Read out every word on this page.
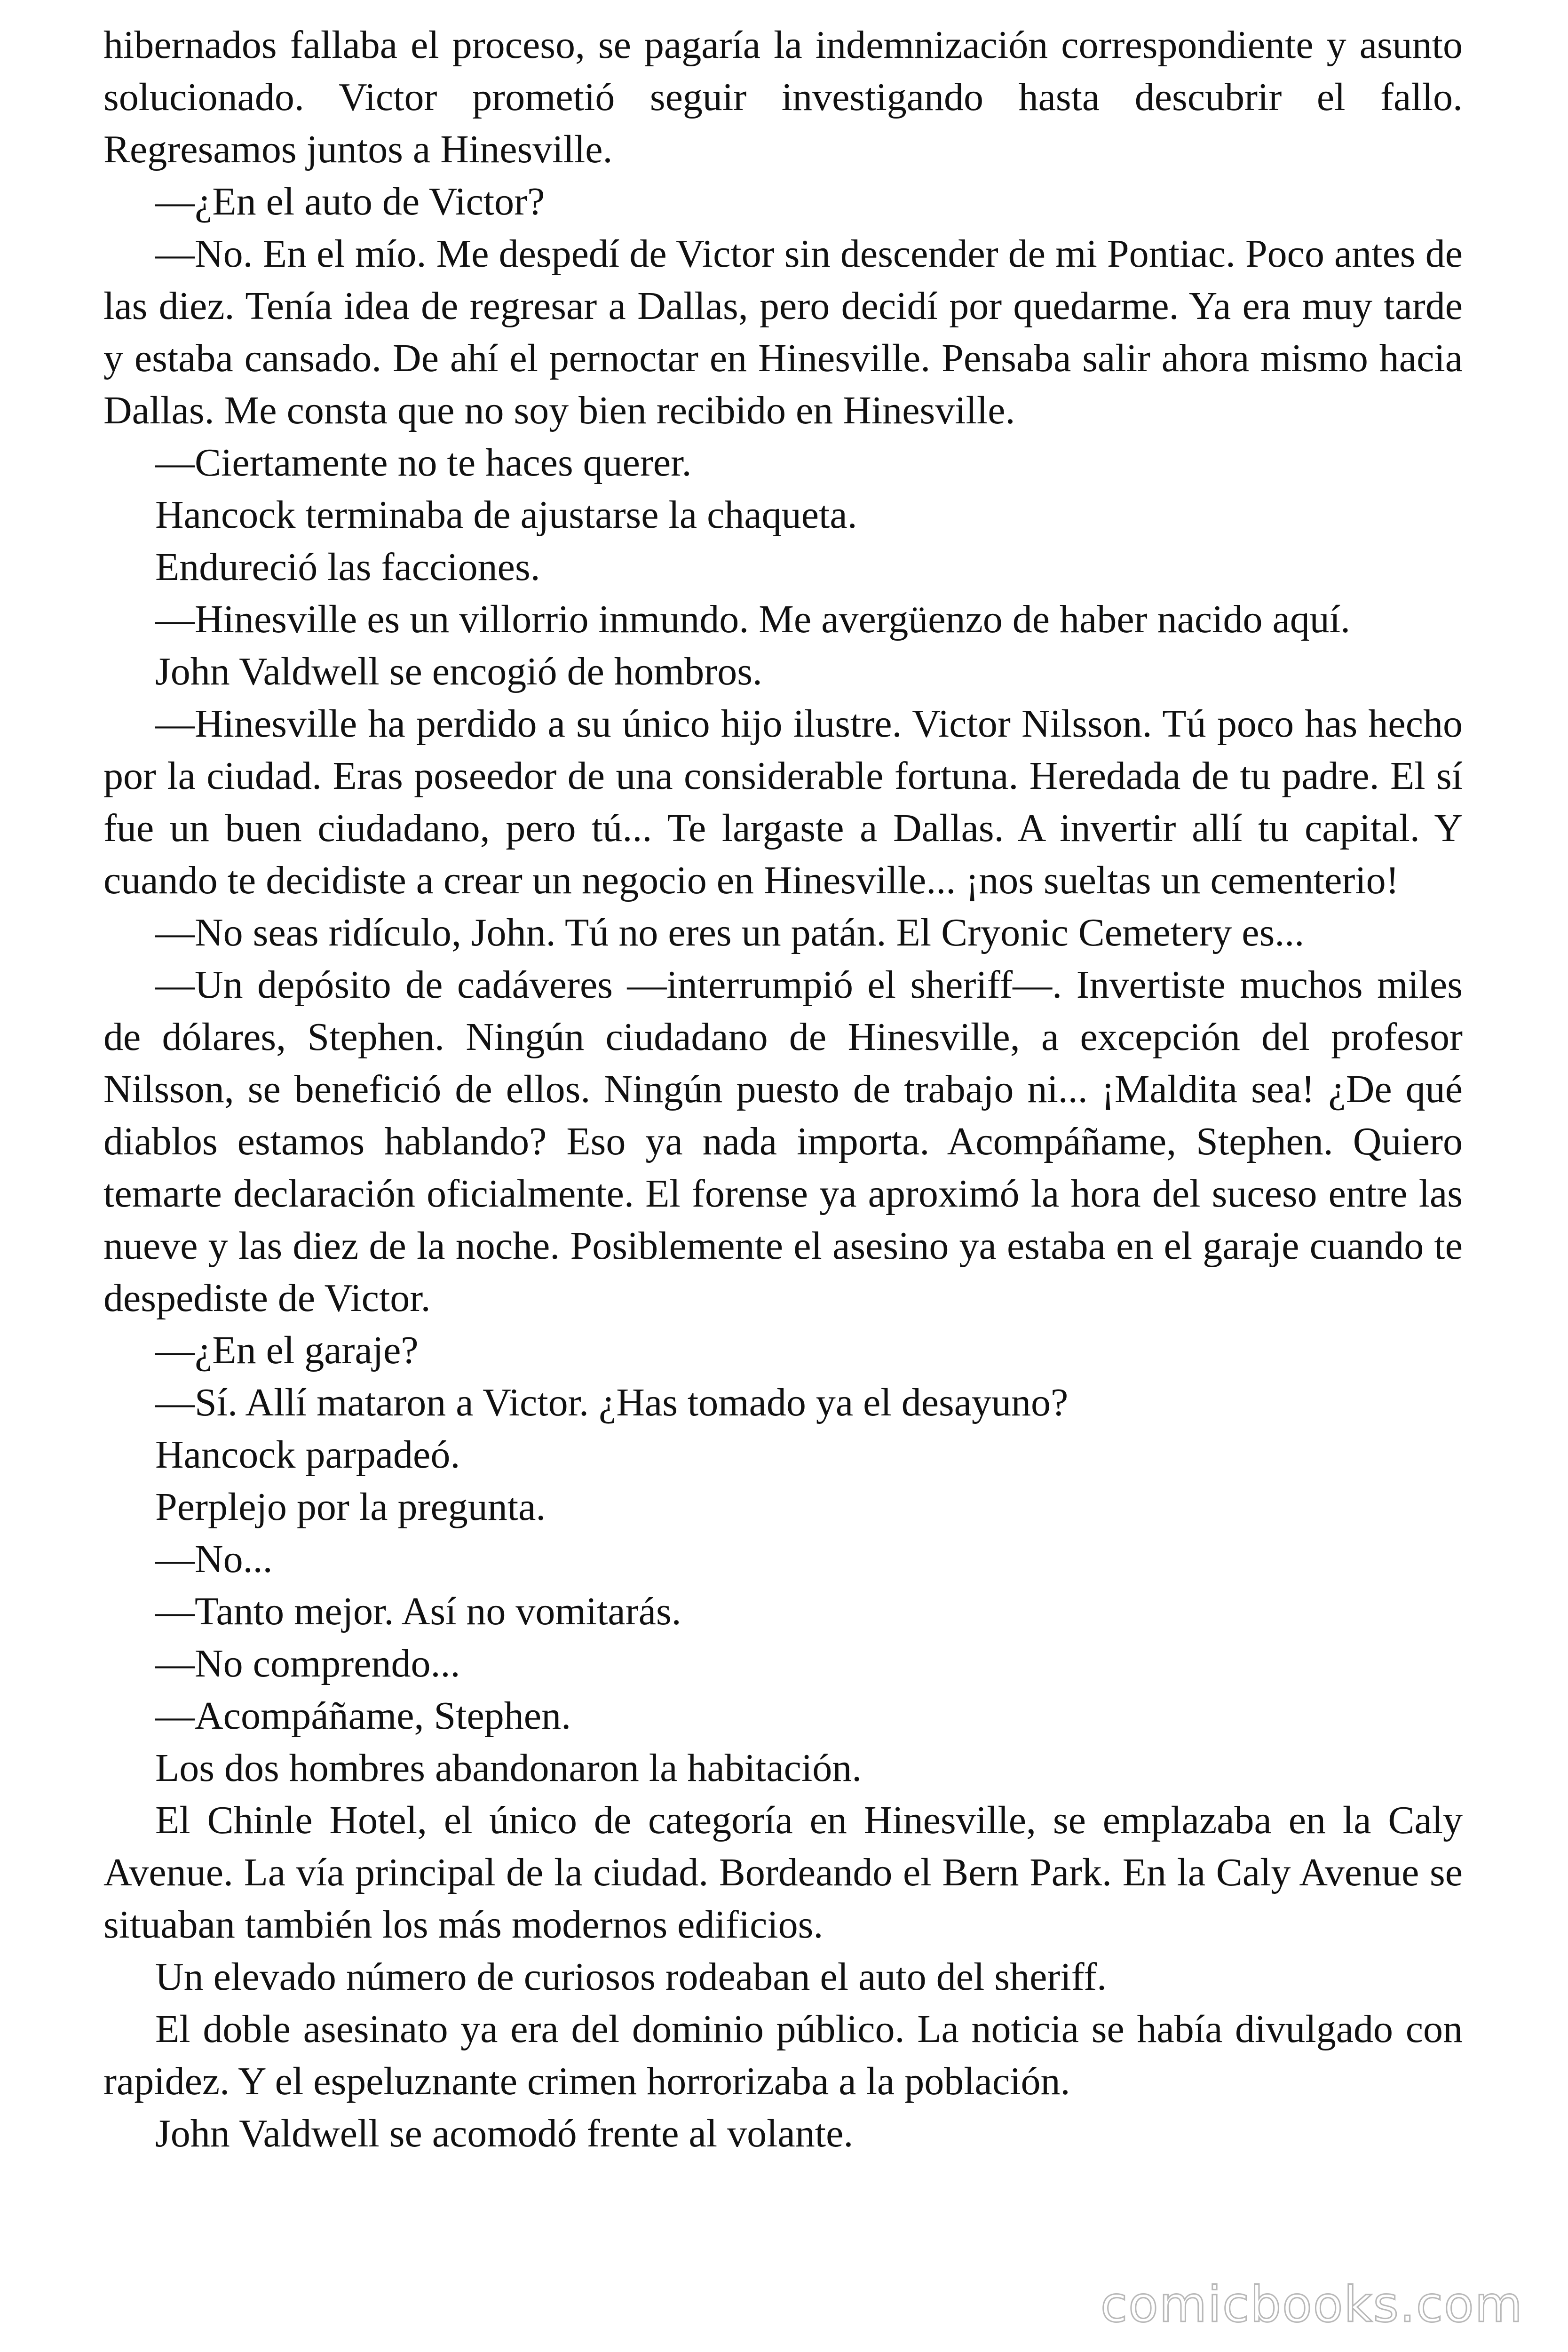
hibernados fallaba el proceso, se pagaría la indemnización correspondiente y asunto solucionado. Victor prometió seguir investigando hasta descubrir el fallo. Regresamos juntos a Hinesville.

—¿En el auto de Victor?

—No. En el mío. Me despedí de Victor sin descender de mi Pontiac. Poco antes de las diez. Tenía idea de regresar a Dallas, pero decidí por quedarme. Ya era muy tarde y estaba cansado. De ahí el pernoctar en Hinesville. Pensaba salir ahora mismo hacia Dallas. Me consta que no soy bien recibido en Hinesville.

—Ciertamente no te haces querer.

Hancock terminaba de ajustarse la chaqueta.

Endureció las facciones.

—Hinesville es un villorrio inmundo. Me avergüenzo de haber nacido aquí.

John Valdwell se encogió de hombros.

—Hinesville ha perdido a su único hijo ilustre. Victor Nilsson. Tú poco has hecho por la ciudad. Eras poseedor de una considerable fortuna. Heredada de tu padre. El sí fue un buen ciudadano, pero tú... Te largaste a Dallas. A invertir allí tu capital. Y cuando te decidiste a crear un negocio en Hinesville... ¡nos sueltas un cementerio!

—No seas ridículo, John. Tú no eres un patán. El Cryonic Cemetery es...

—Un depósito de cadáveres —interrumpió el sheriff—. Invertiste muchos miles de dólares, Stephen. Ningún ciudadano de Hinesville, a excepción del profesor Nilsson, se benefició de ellos. Ningún puesto de trabajo ni... ¡Maldita sea! ¿De qué diablos estamos hablando? Eso ya nada importa. Acompáñame, Stephen. Quiero temarte declaración oficialmente. El forense ya aproximó la hora del suceso entre las nueve y las diez de la noche. Posiblemente el asesino ya estaba en el garaje cuando te despediste de Victor.

—¿En el garaje?

—Sí. Allí mataron a Victor. ¿Has tomado ya el desayuno?

Hancock parpadeó.

Perplejo por la pregunta.

—No...

—Tanto mejor. Así no vomitarás.

—No comprendo...

—Acompáñame, Stephen.

Los dos hombres abandonaron la habitación.

El Chinle Hotel, el único de categoría en Hinesville, se emplazaba en la Caly Avenue. La vía principal de la ciudad. Bordeando el Bern Park. En la Caly Avenue se situaban también los más modernos edificios.

Un elevado número de curiosos rodeaban el auto del sheriff.

El doble asesinato ya era del dominio público. La noticia se había divulgado con rapidez. Y el espeluznante crimen horrorizaba a la población.

John Valdwell se acomodó frente al volante.

comicbooks.com
